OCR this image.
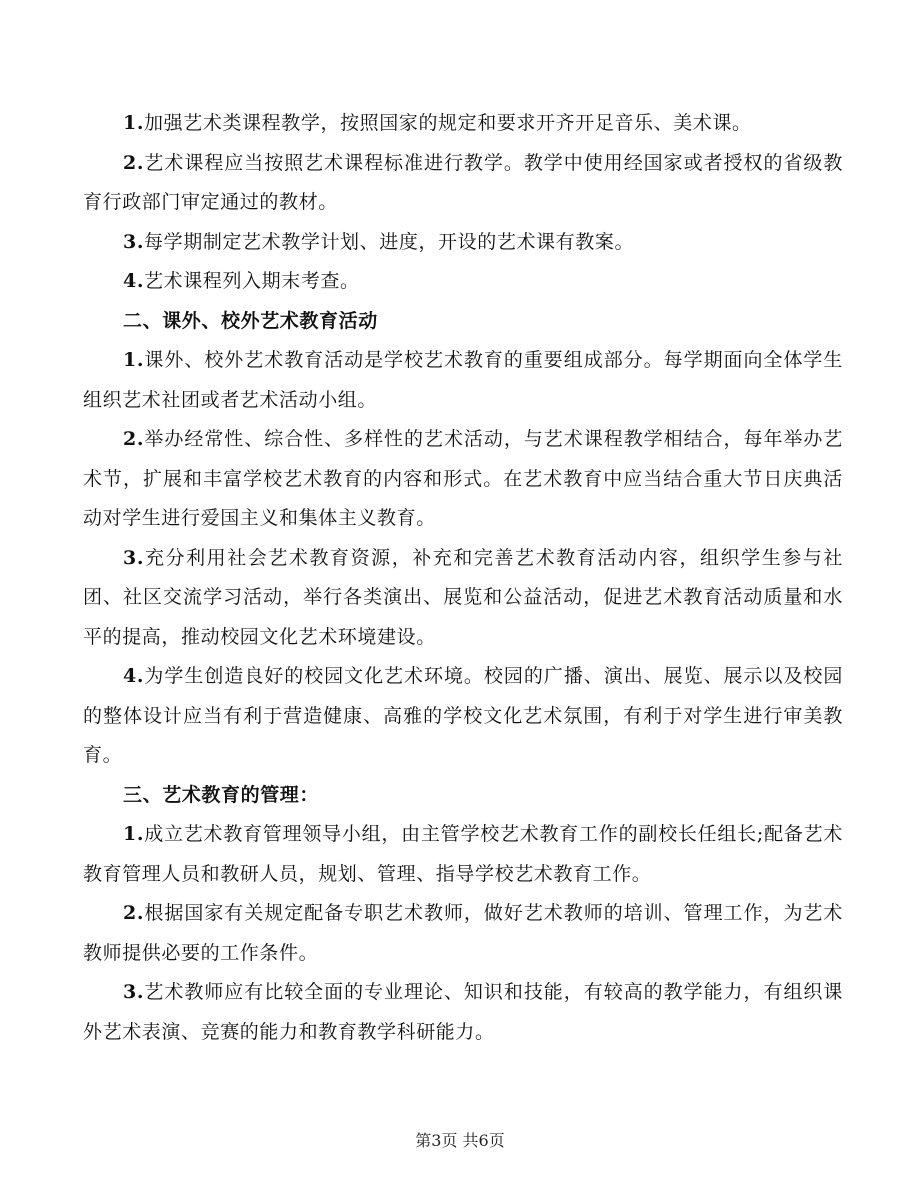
1.加强艺术类课程教学，按照国家的规定和要求开齐开足音乐、美术课。

2.艺术课程应当按照艺术课程标准进行教学。教学中使用经国家或者授权的省级教育行政部门审定通过的教材。

3.每学期制定艺术教学计划、进度，开设的艺术课有教案。

4.艺术课程列入期末考查。

二、课外、校外艺术教育活动

1.课外、校外艺术教育活动是学校艺术教育的重要组成部分。每学期面向全体学生组织艺术社团或者艺术活动小组。

2.举办经常性、综合性、多样性的艺术活动，与艺术课程教学相结合，每年举办艺术节，扩展和丰富学校艺术教育的内容和形式。在艺术教育中应当结合重大节日庆典活动对学生进行爱国主义和集体主义教育。

3.充分利用社会艺术教育资源，补充和完善艺术教育活动内容，组织学生参与社团、社区交流学习活动，举行各类演出、展览和公益活动，促进艺术教育活动质量和水平的提高，推动校园文化艺术环境建设。

4.为学生创造良好的校园文化艺术环境。校园的广播、演出、展览、展示以及校园的整体设计应当有利于营造健康、高雅的学校文化艺术氛围，有利于对学生进行审美教育。

三、艺术教育的管理：

1.成立艺术教育管理领导小组，由主管学校艺术教育工作的副校长任组长;配备艺术教育管理人员和教研人员，规划、管理、指导学校艺术教育工作。

2.根据国家有关规定配备专职艺术教师，做好艺术教师的培训、管理工作，为艺术教师提供必要的工作条件。

3.艺术教师应有比较全面的专业理论、知识和技能，有较高的教学能力，有组织课外艺术表演、竞赛的能力和教育教学科研能力。

第3页 共6页
